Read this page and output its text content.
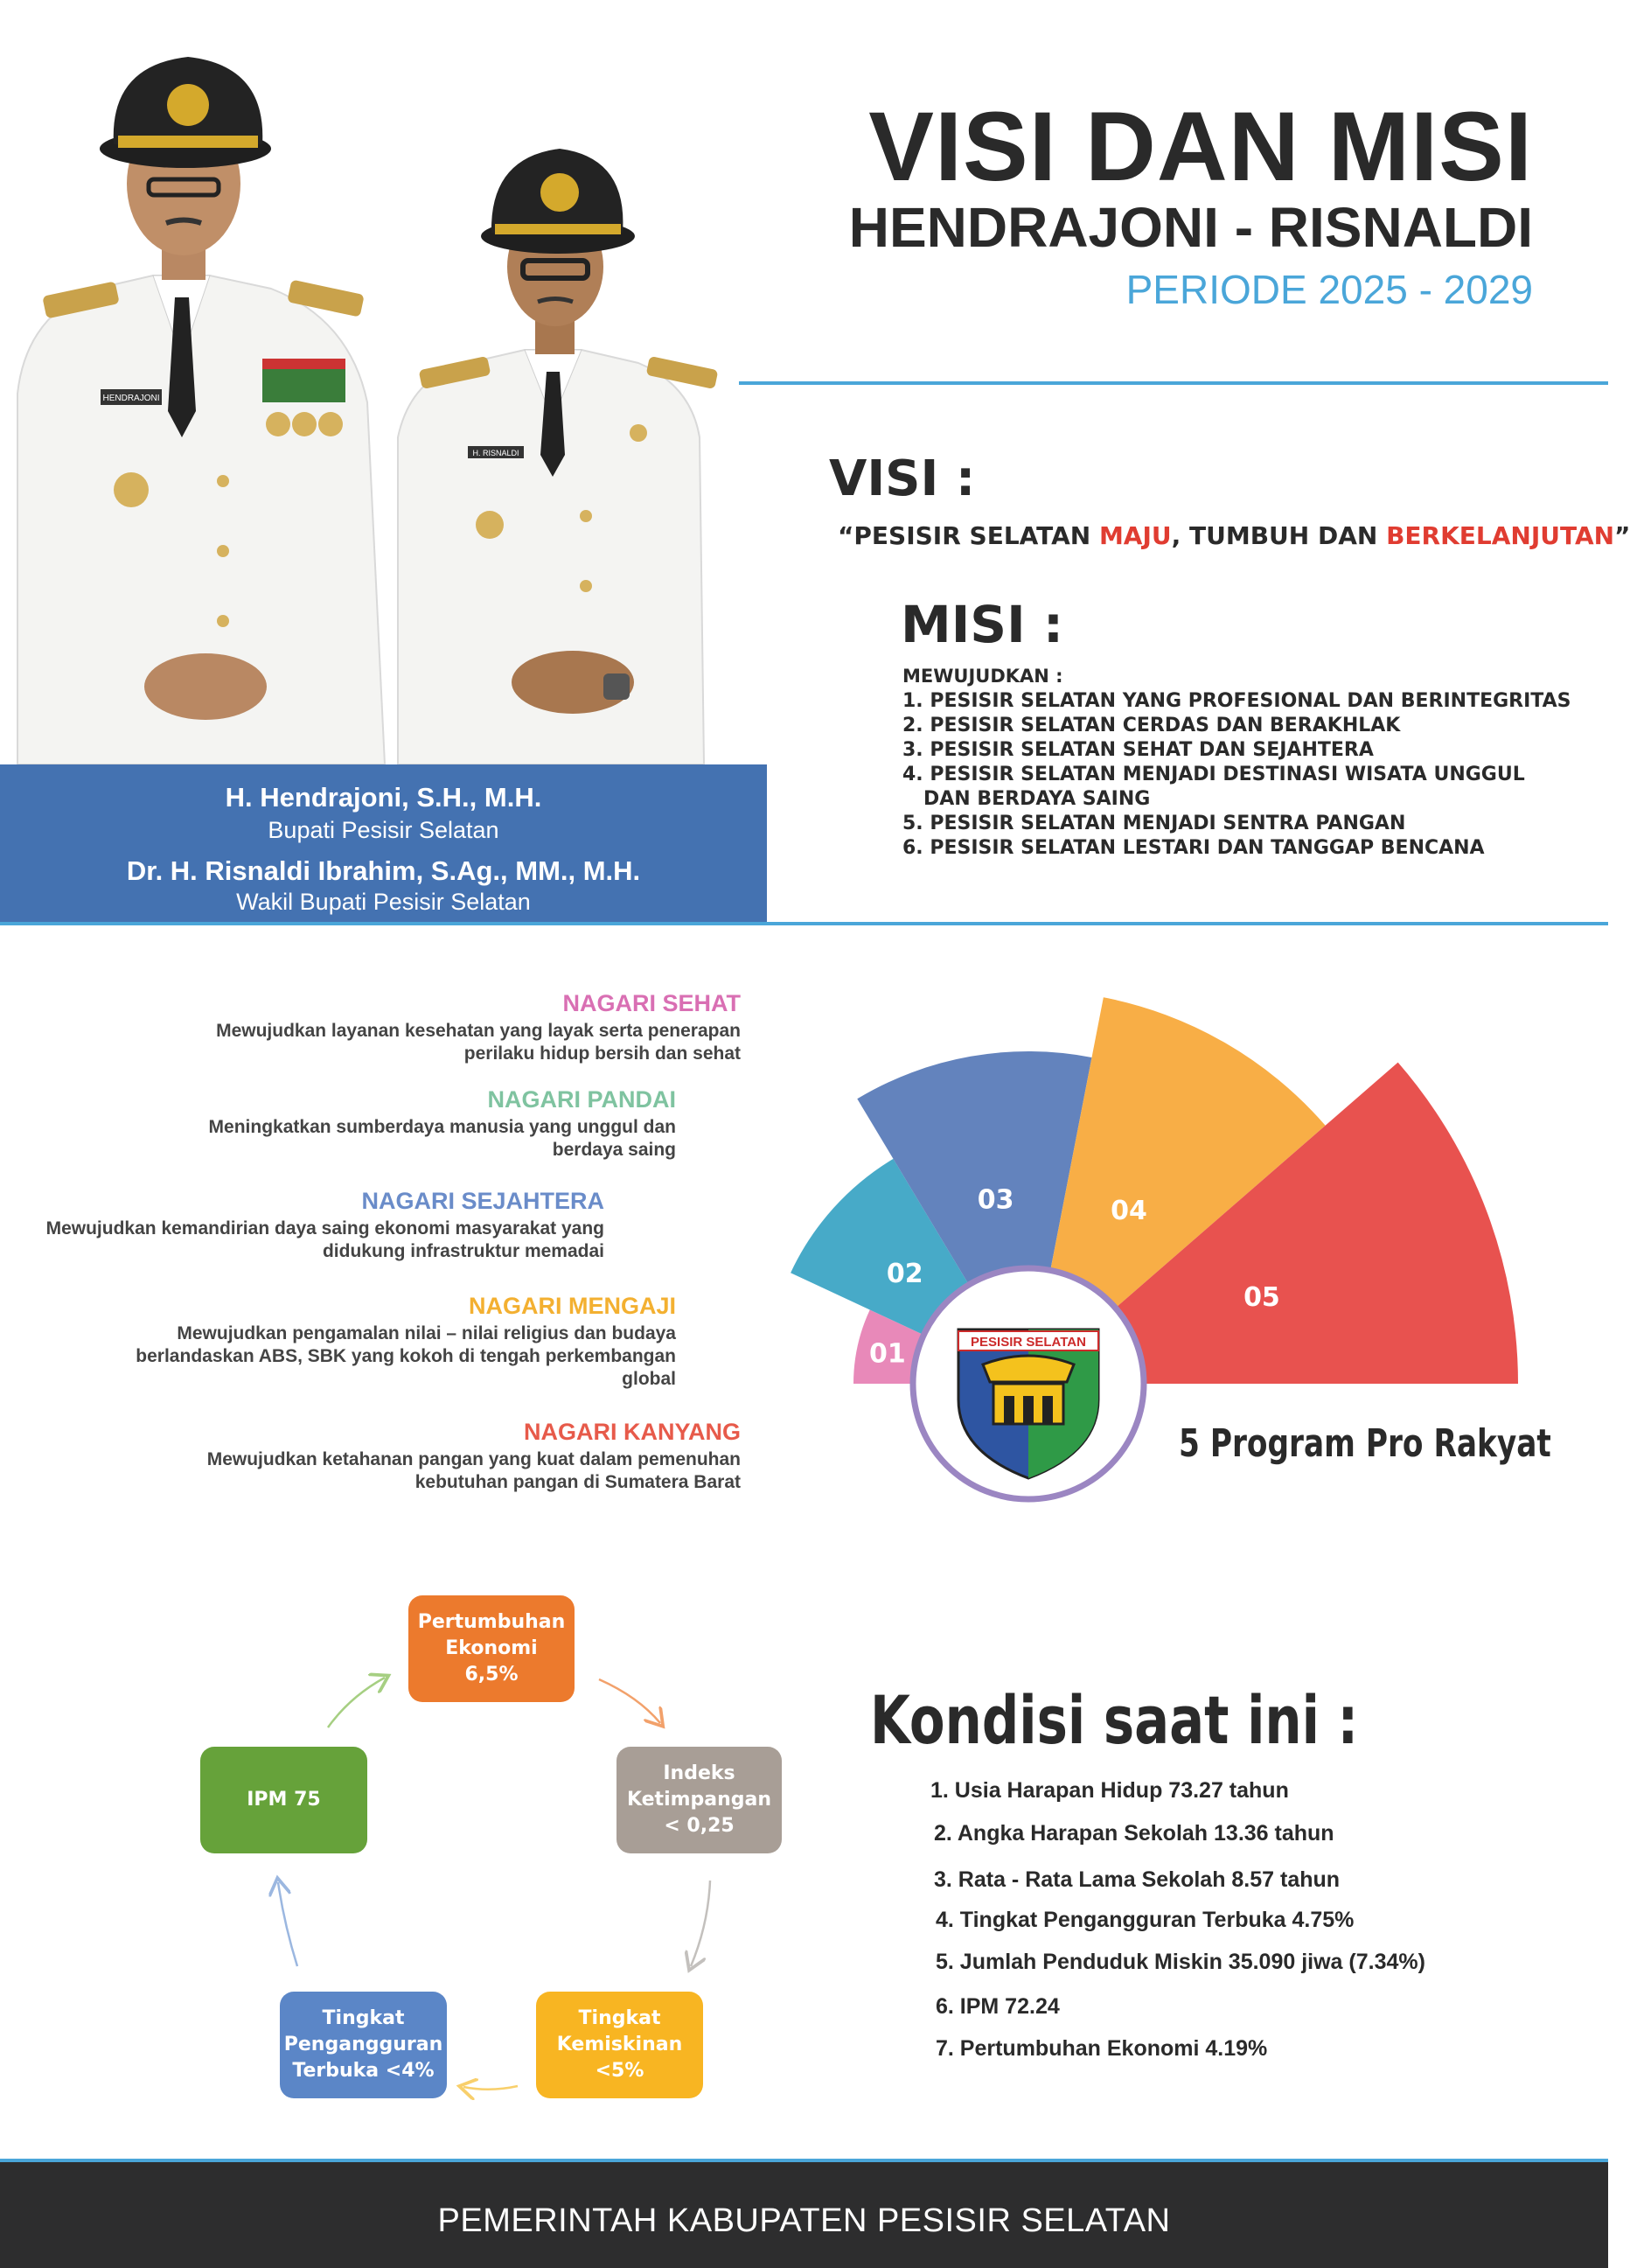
VISI DAN MISI
HENDRAJONI - RISNALDI
PERIODE 2025 - 2029
HENDRAJONI
H. RISNALDI
H. Hendrajoni, S.H., M.H.
Bupati Pesisir Selatan
Dr. H. Risnaldi Ibrahim, S.Ag., MM., M.H.
Wakil Bupati Pesisir Selatan
VISI :
“PESISIR SELATAN MAJU, TUMBUH DAN BERKELANJUTAN”
MISI :
MEWUJUDKAN :
1. PESISIR SELATAN YANG PROFESIONAL DAN BERINTEGRITAS
2. PESISIR SELATAN CERDAS DAN BERAKHLAK
3. PESISIR SELATAN SEHAT DAN SEJAHTERA
4. PESISIR SELATAN MENJADI DESTINASI WISATA UNGGUL DAN BERDAYA SAING
5. PESISIR SELATAN MENJADI SENTRA PANGAN
6. PESISIR SELATAN LESTARI DAN TANGGAP BENCANA
NAGARI SEHAT
Mewujudkan layanan kesehatan yang layak serta penerapan perilaku hidup bersih dan sehat
NAGARI PANDAI
Meningkatkan sumberdaya manusia yang unggul dan berdaya saing
NAGARI SEJAHTERA
Mewujudkan kemandirian daya saing ekonomi masyarakat yang didukung infrastruktur memadai
NAGARI MENGAJI
Mewujudkan pengamalan nilai – nilai religius dan budaya berlandaskan ABS, SBK yang kokoh di tengah perkembangan global
NAGARI KANYANG
Mewujudkan ketahanan pangan yang kuat dalam pemenuhan kebutuhan pangan di Sumatera Barat
01
02
03	04
05
PESISIR SELATAN
5 Program Pro Rakyat
Pertumbuhan Ekonomi 6,5%
Indeks Ketimpangan < 0,25
Tingkat Kemiskinan <5%
Tingkat Pengangguran Terbuka <4%
IPM 75
Kondisi saat ini :
1. Usia Harapan Hidup 73.27 tahun
2. Angka Harapan Sekolah 13.36 tahun
3. Rata - Rata Lama Sekolah 8.57 tahun
4. Tingkat Pengangguran Terbuka 4.75%
5. Jumlah Penduduk Miskin 35.090 jiwa (7.34%)
6. IPM 72.24
7. Pertumbuhan Ekonomi 4.19%
PEMERINTAH KABUPATEN PESISIR SELATAN
